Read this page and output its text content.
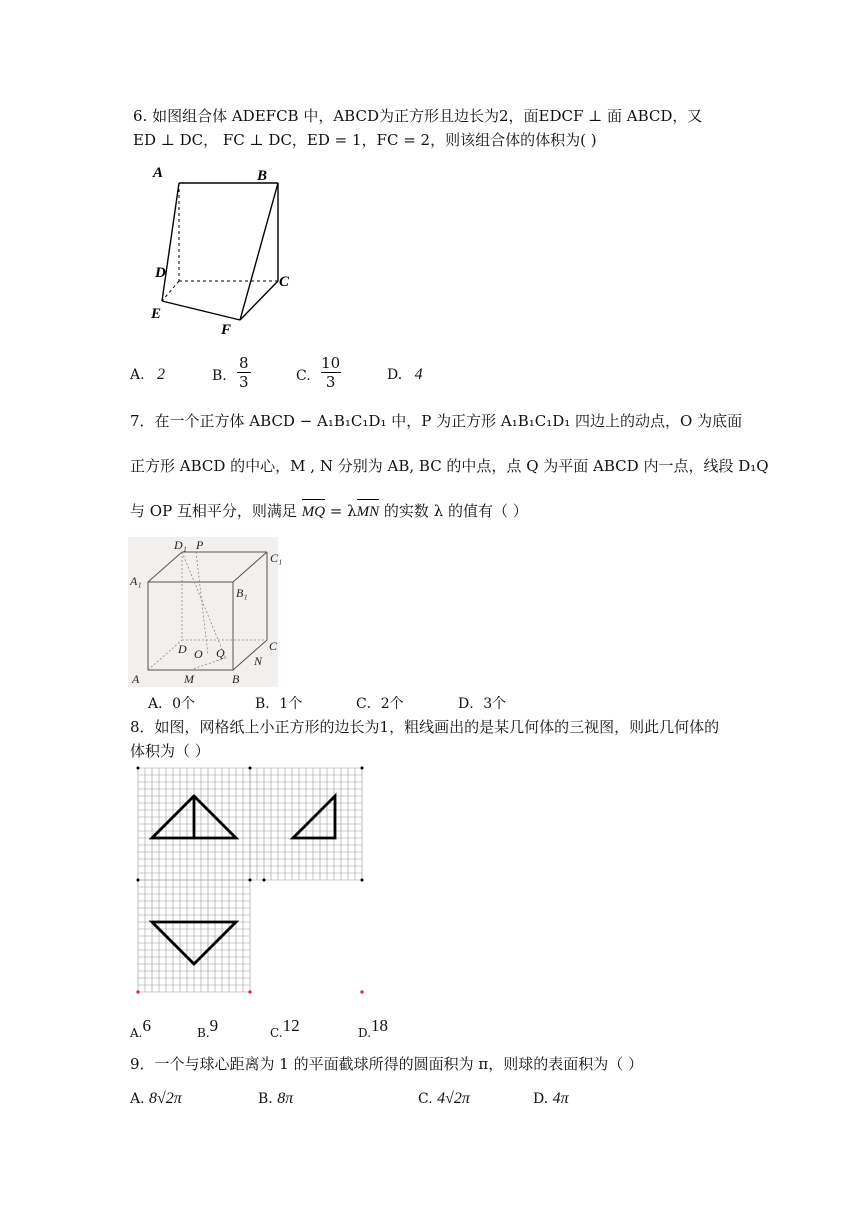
6. 如图组合体 ADEFCB 中，ABCD为正方形且边长为2，面EDCF ⊥ 面 ABCD，又
ED ⊥ DC， FC ⊥ DC，ED = 1，FC = 2，则该组合体的体积为( )
A	B
C
D
E
F
A. 2	B.
8
3	C.
10
3	D. 4
7．在一个正方体 ABCD − A₁B₁C₁D₁ 中，P 为正方形 A₁B₁C₁D₁ 四边上的动点，O 为底面
正方形 ABCD 的中心，M , N 分别为 AB, BC 的中点，点 Q 为平面 ABCD 内一点，线段 D₁Q
与 OP 互相平分，则满足
MQ = λ
MN 的实数 λ 的值有（ ）
D₁ P
C₁
A₁
B₁
C
D O Q
N
A	M	B
A．0个	B．1个	C．2个	D．3个
8．如图，网格纸上小正方形的边长为1，粗线画出的是某几何体的三视图，则此几何体的
体积为（ ）
A.6	B.9	C.12	D.18
9．一个与球心距离为 1 的平面截球所得的圆面积为 π，则球的表面积为（ ）
A. 8√2π	B. 8π	C. 4√2π	D. 4π
